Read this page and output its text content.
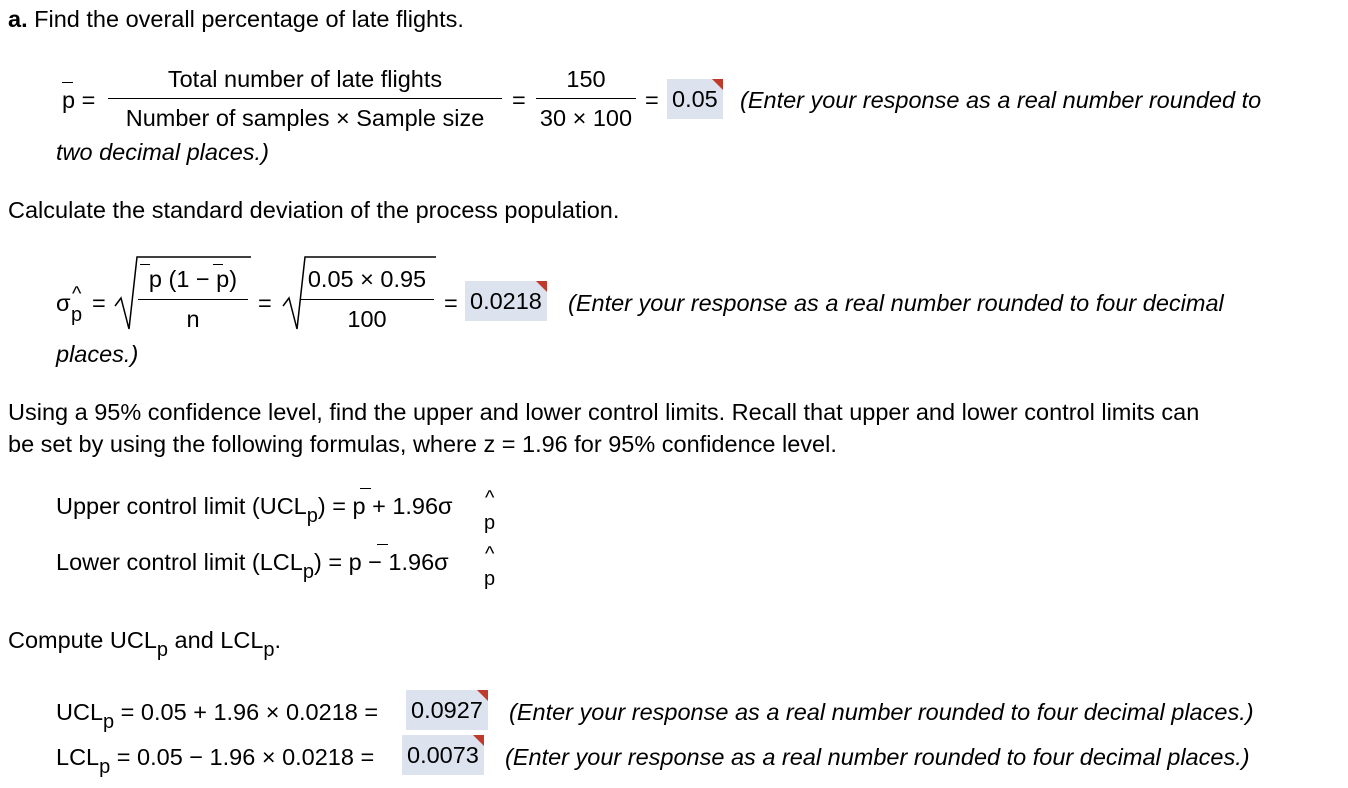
a. Find the overall percentage of late flights.
p =
Total number of late flights
Number of samples × Sample size
=
150
30 × 100
= 0.05 (Enter your response as a real number rounded to
two decimal places.)
Calculate the standard deviation of the process population.
σ ^
p =
p (1 − p)
n
=
0.05 × 0.95
100
= 0.0218 (Enter your response as a real number rounded to four decimal
places.)
Using a 95% confidence level, find the upper and lower control limits. Recall that upper and lower control limits can
be set by using the following formulas, where z = 1.96 for 95% confidence level.
Upper control limit (UCLp) = p + 1.96σ ^
p
Lower control limit (LCLp) = p − 1.96σ ^
p
Compute UCLp and LCLp.
UCLp = 0.05 + 1.96 × 0.0218 = 0.0927 (Enter your response as a real number rounded to four decimal places.)
LCLp = 0.05 − 1.96 × 0.0218 = 0.0073 (Enter your response as a real number rounded to four decimal places.)
